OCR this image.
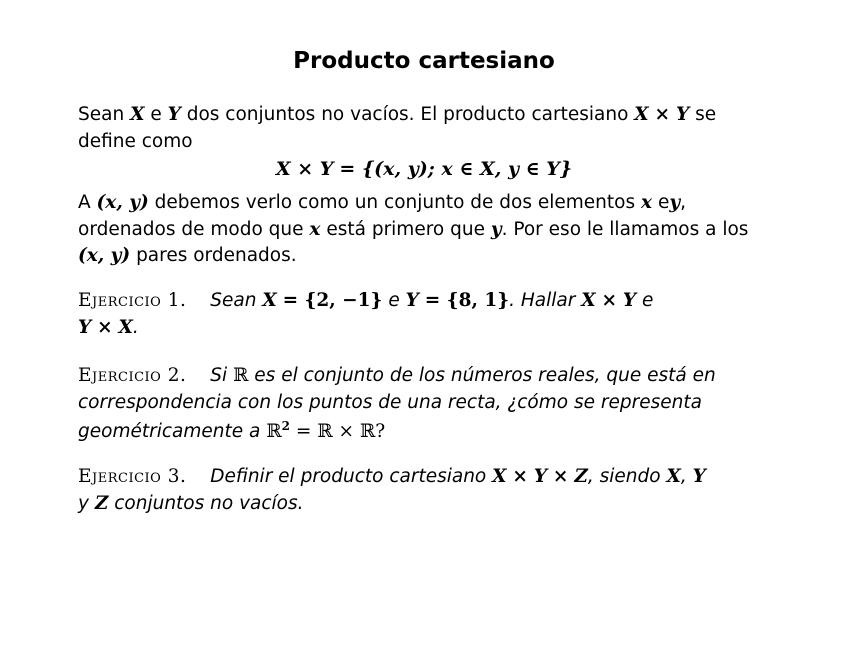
Producto cartesiano
Sean X e Y dos conjuntos no vacíos. El producto cartesiano X × Y se
define como
X × Y = {(x, y); x ∈ X, y ∈ Y}
A (x, y) debemos verlo como un conjunto de dos elementos x ey,
ordenados de modo que x está primero que y. Por eso le llamamos a los
(x, y) pares ordenados.
Ejercicio 1. Sean X = {2, −1} e Y = {8, 1}. Hallar X × Y e
Y × X.
Ejercicio 2. Si ℝ es el conjunto de los números reales, que está en
correspondencia con los puntos de una recta, ¿cómo se representa
geométricamente a ℝ$^2$ = ℝ × ℝ?
Ejercicio 3. Definir el producto cartesiano X × Y × Z, siendo X, Y
y Z conjuntos no vacíos.
